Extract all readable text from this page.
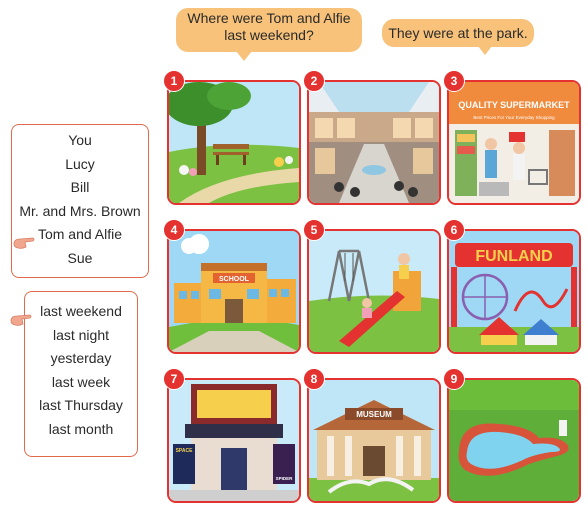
Where were Tom and Alfie
last weekend?	They were at the park.
You
Lucy
Bill
Mr. and Mrs. Brown
Tom and Alfie
Sue
last weekend
last night
yesterday
last week
last Thursday
last month
1	2	3
QUALITY SUPERMARKET
Best Prices For Your Everyday Shopping
4
SCHOOL
5	6
FUNLAND
7
SPACE
SPIDER
8
MUSEUM
9
